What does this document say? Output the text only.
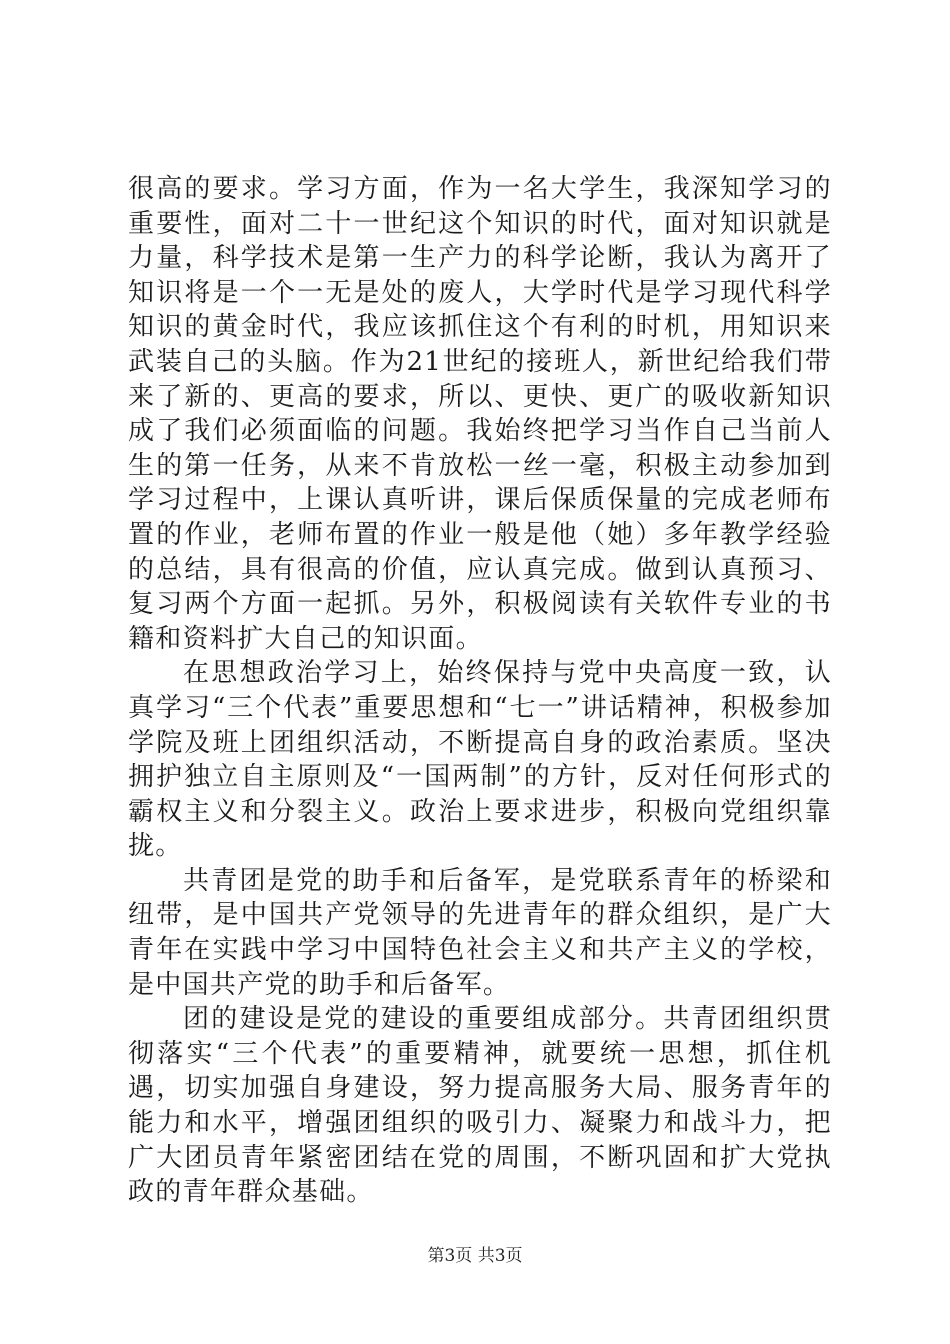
很高的要求。学习方面，作为一名大学生，我深知学习的重要性，面对二十一世纪这个知识的时代，面对知识就是力量，科学技术是第一生产力的科学论断，我认为离开了知识将是一个一无是处的废人，大学时代是学习现代科学知识的黄金时代，我应该抓住这个有利的时机，用知识来武装自己的头脑。作为21世纪的接班人，新世纪给我们带来了新的、更高的要求，所以、更快、更广的吸收新知识成了我们必须面临的问题。我始终把学习当作自己当前人生的第一任务，从来不肯放松一丝一毫，积极主动参加到学习过程中，上课认真听讲，课后保质保量的完成老师布置的作业，老师布置的作业一般是他（她）多年教学经验的总结，具有很高的价值，应认真完成。做到认真预习、复习两个方面一起抓。另外，积极阅读有关软件专业的书籍和资料扩大自己的知识面。

在思想政治学习上，始终保持与党中央高度一致，认真学习“三个代表”重要思想和“七一”讲话精神，积极参加学院及班上团组织活动，不断提高自身的政治素质。坚决拥护独立自主原则及“一国两制”的方针，反对任何形式的霸权主义和分裂主义。政治上要求进步，积极向党组织靠拢。

共青团是党的助手和后备军，是党联系青年的桥梁和纽带，是中国共产党领导的先进青年的群众组织，是广大青年在实践中学习中国特色社会主义和共产主义的学校，是中国共产党的助手和后备军。

团的建设是党的建设的重要组成部分。共青团组织贯彻落实“三个代表”的重要精神，就要统一思想，抓住机遇，切实加强自身建设，努力提高服务大局、服务青年的能力和水平，增强团组织的吸引力、凝聚力和战斗力，把广大团员青年紧密团结在党的周围，不断巩固和扩大党执政的青年群众基础。

第3页 共3页
